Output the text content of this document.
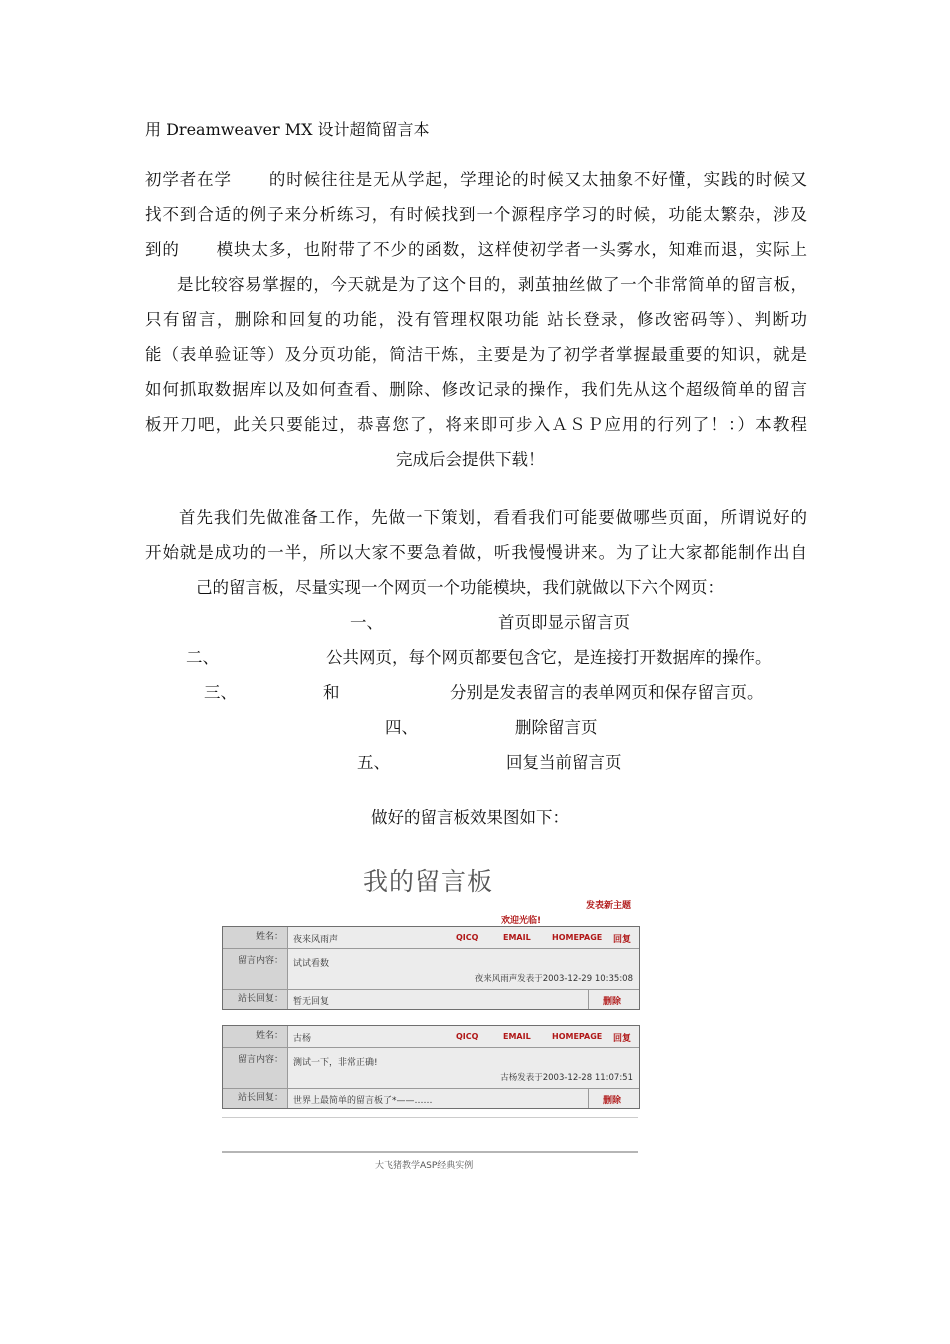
用 Dreamweaver MX 设计超简留言本
初学者在学 的时候往往是无从学起，学理论的时候又太抽象不好懂，实践的时候又
找不到合适的例子来分析练习，有时候找到一个源程序学习的时候，功能太繁杂，涉及
到的 模块太多，也附带了不少的函数，这样使初学者一头雾水，知难而退，实际上
是比较容易掌握的，今天就是为了这个目的，剥茧抽丝做了一个非常简单的留言板，
只有留言，删除和回复的功能，没有管理权限功能 站长登录，修改密码等）、判断功
能（表单验证等）及分页功能，简洁干炼，主要是为了初学者掌握最重要的知识，就是
如何抓取数据库以及如何查看、删除、修改记录的操作，我们先从这个超级简单的留言
板开刀吧，此关只要能过，恭喜您了，将来即可步入ＡＳＰ应用的行列了！：）本教程
完成后会提供下载！
首先我们先做准备工作，先做一下策划，看看我们可能要做哪些页面，所谓说好的
开始就是成功的一半，所以大家不要急着做，听我慢慢讲来。为了让大家都能制作出自
己的留言板，尽量实现一个网页一个功能模块，我们就做以下六个网页：
一、	首页即显示留言页
二、	公共网页，每个网页都要包含它，是连接打开数据库的操作。
三、	和	分别是发表留言的表单网页和保存留言页。
四、	删除留言页
五、	回复当前留言页
做好的留言板效果图如下：
我的留言板
发表新主题
欢迎光临!
姓名：	夜来风雨声	QICQ	EMAIL	HOMEPAGE 回复
留言内容：	试试看数
夜来风雨声发表于2003-12-29 10:35:08
站长回复：	暂无回复	删除
姓名：	古杨	QICQ	EMAIL	HOMEPAGE 回复
留言内容：	测试一下，非常正确!
古杨发表于2003-12-28 11:07:51
站长回复：	世界上最简单的留言板了*——……	删除
大飞猪教学ASP经典实例
